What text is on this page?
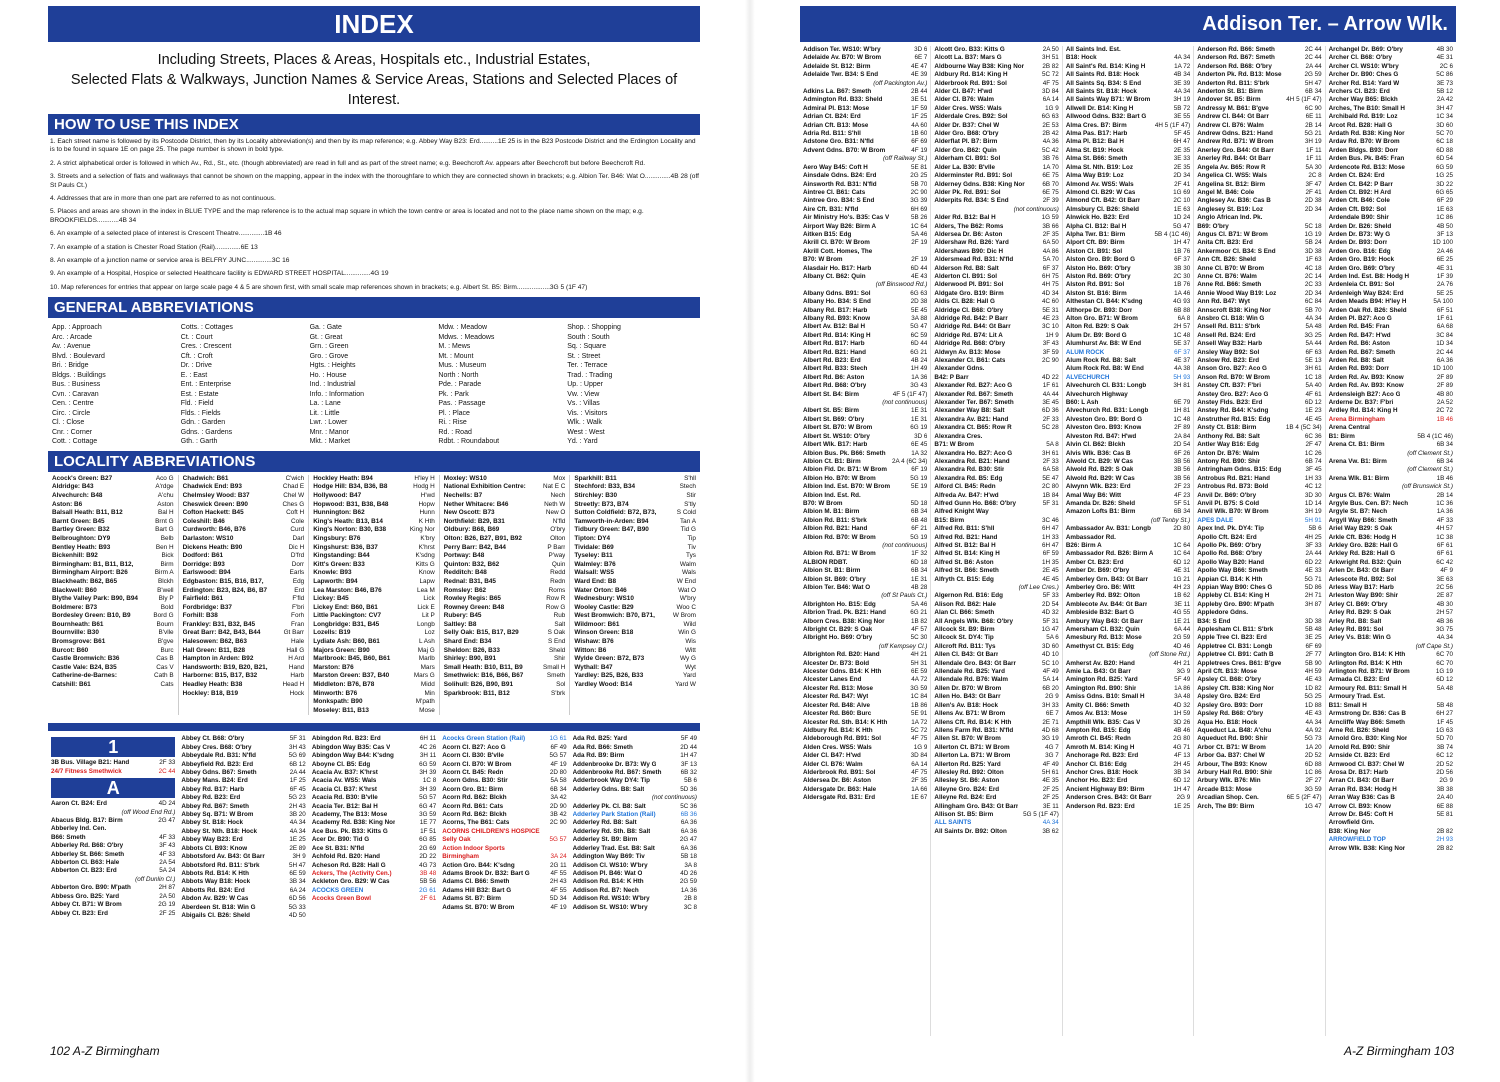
INDEX	Addison Ter. – Arrow Wlk.
Including Streets, Places & Areas, Hospitals etc., Industrial Estates,
Selected Flats & Walkways, Junction Names & Service Areas, Stations and Selected Places of Interest.
HOW TO USE THIS INDEX

1. Each street name is followed by its Postcode District, then by its Locality abbreviation(s) and then by its map reference; e.g. Abbey Way B23: Erd..........1E 25 is in the B23 Postcode District and the Erdington Locality and is to be found in square 1E on page 25. The page number is shown in bold type.

2. A strict alphabetical order is followed in which Av., Rd., St., etc. (though abbreviated) are read in full and as part of the street name; e.g. Beechcroft Av. appears after Beechcroft but before Beechcroft Rd.

3. Streets and a selection of flats and walkways that cannot be shown on the mapping, appear in the index with the thoroughfare to which they are connected shown in brackets; e.g. Albion Ter. B46: Wat O..............4B 28 (off St Pauls Ct.)

4. Addresses that are in more than one part are referred to as not continuous.

5. Places and areas are shown in the index in BLUE TYPE and the map reference is to the actual map square in which the town centre or area is located and not to the place name shown on the map; e.g. BROOKFIELDS............4B 34

6. An example of a selected place of interest is Crescent Theatre..............1B 46

7. An example of a station is Chester Road Station (Rail)..............6E 13

8. An example of a junction name or service area is BELFRY JUNC..............3C 16

9. An example of a Hospital, Hospice or selected Healthcare facility is EDWARD STREET HOSPITAL..............4G 19

10. Map references for entries that appear on large scale page 4 & 5 are shown first, with small scale map references shown in brackets; e.g. Albert St. B5: Birm..................3G 5 (1F 47)

GENERAL ABBREVIATIONS
App. : Approach
Arc. : Arcade
Av. : Avenue
Blvd. : Boulevard
Bri. : Bridge
Bldgs. : Buildings
Bus. : Business
Cvn. : Caravan
Cen. : Centre
Circ. : Circle
Cl. : Close
Cnr. : Corner
Cott. : Cottage
Cotts. : Cottages
Ct. : Court
Cres. : Crescent
Cft. : Croft
Dr. : Drive
E. : East
Ent. : Enterprise
Est. : Estate
Fld. : Field
Flds. : Fields
Gdn. : Garden
Gdns. : Gardens
Gth. : Garth
Ga. : Gate
Gt. : Great
Grn. : Green
Gro. : Grove
Hgts. : Heights
Ho. : House
Ind. : Industrial
Info. : Information
La. : Lane
Lit. : Little
Lwr. : Lower
Mnr. : Manor
Mkt. : Market
Mdw. : Meadow
Mdws. : Meadows
M. : Mews
Mt. : Mount
Mus. : Museum
North : North
Pde. : Parade
Pk. : Park
Pas. : Passage
Pl. : Place
Ri. : Rise
Rd. : Road
Rdbt. : Roundabout
Shop. : Shopping
South : South
Sq. : Square
St. : Street
Ter. : Terrace
Trad. : Trading
Up. : Upper
Vw. : View
Vs. : Villas
Vis. : Visitors
Wlk. : Walk
West : West
Yd. : Yard
LOCALITY ABBREVIATIONS
Acock's Green: B27	Aco G
Aldridge: B43	A'rdge
Alvechurch: B48	A'chu
Aston: B6	Aston
Balsall Heath: B11, B12	Bal H
Barnt Green: B45	Brnt G
Bartley Green: B32	Bart G
Belbroughton: DY9	Belb
Bentley Heath: B93	Ben H
Bickenhill: B92	Bick
Birmingham: B1, B11, B12,	Birm
Birmingham Airport: B26	Birm A
Blackheath: B62, B65	Blckh
Blackwell: B60	B'well
Blythe Valley Park: B90, B94	Bly P
Boldmere: B73	Bold
Bordesley Green: B10, B9	Bord G
Bournheath: B61	Bourn
Bournville: B30	B'vlle
Bromsgrove: B61	B'gve
Burcot: B60	Burc
Castle Bromwich: B36	Cas B
Castle Vale: B24, B35	Cas V
Catherine-de-Barnes:	Cath B
Catshill: B61	Cats
Chadwich: B61	C'wich
Chadwick End: B93	Chad E
Chelmsley Wood: B37	Chel W
Cheswick Green: B90	Ches G
Cofton Hackett: B45	Coft H
Coleshill: B46	Cole
Curdworth: B46, B76	Curd
Darlaston: WS10	Darl
Dickens Heath: B90	Dic H
Dodford: B61	D'frd
Dorridge: B93	Dorr
Earlswood: B94	Earls
Edgbaston: B15, B16, B17,	Edg
Erdington: B23, B24, B6, B7	Erd
Fairfield: B61	F'fld
Fordbridge: B37	F'bri
Forhill: B38	Forh
Frankley: B31, B32, B45	Fran
Great Barr: B42, B43, B44	Gt Barr
Halesowen: B62, B63	Hale
Hall Green: B11, B28	Hall G
Hampton in Arden: B92	H Ard
Handsworth: B19, B20, B21,	Hand
Harborne: B15, B17, B32	Harb
Headley Heath: B38	Head H
Hockley: B18, B19	Hock
Hockley Heath: B94	H'ley H
Hodge Hill: B34, B36, B8	Hodg H
Hollywood: B47	H'wd
Hopwood: B31, B38, B48	Hopw
Hunnington: B62	Hunn
King's Heath: B13, B14	K Hth
King's Norton: B30, B38	King Nor
Kingsbury: B76	K'bry
Kingshurst: B36, B37	K'hrst
Kingstanding: B44	K'sdng
Kitt's Green: B33	Kitts G
Knowle: B93	Know
Lapworth: B94	Lapw
Lea Marston: B46, B76	Lea M
Lickey: B45	Lick
Lickey End: B60, B61	Lick E
Little Packington: CV7	Lit P
Longbridge: B31, B45	Longb
Lozells: B19	Loz
Lydiate Ash: B60, B61	L Ash
Majors Green: B90	Maj G
Marlbrook: B45, B60, B61	Marlb
Marston: B76	Mars
Marston Green: B37, B40	Mars G
Middleton: B76, B78	Midd
Minworth: B76	Min
Monkspath: B90	M'path
Moseley: B11, B13	Mose
Moxley: WS10	Mox
National Exhibition Centre:	Nat E C
Nechells: B7	Nech
Nether Whitacre: B46	Neth W
New Oscott: B73	New O
Northfield: B29, B31	N'fld
Oldbury: B68, B69	O'bry
Olton: B26, B27, B91, B92	Olton
Perry Barr: B42, B44	P Barr
Portway: B48	P'way
Quinton: B32, B62	Quin
Redditch: B48	Redd
Rednal: B31, B45	Redn
Romsley: B62	Roms
Rowley Regis: B65	Row R
Rowney Green: B48	Row G
Rubery: B45	Rub
Saltley: B8	Salt
Selly Oak: B15, B17, B29	S Oak
Shard End: B34	S End
Sheldon: B26, B33	Sheld
Shirley: B90, B91	Shir
Small Heath: B10, B11, B9	Small H
Smethwick: B16, B66, B67	Smeth
Solihull: B26, B90, B91	Sol
Sparkbrook: B11, B12	S'brk
Sparkhill: B11	S'hll
Stechford: B33, B34	Stech
Stirchley: B30	Stir
Streetly: B73, B74	S'tly
Sutton Coldfield: B72, B73,	S Cold
Tamworth-in-Arden: B94	Tan A
Tidbury Green: B47, B90	Tid G
Tipton: DY4	Tip
Tividale: B69	Tiv
Tyseley: B11	Tys
Walmley: B76	Walm
Walsall: WS5	Wals
Ward End: B8	W End
Water Orton: B46	Wat O
Wednesbury: WS10	W'bry
Wooley Castle: B29	Woo C
West Bromwich: B70, B71,	W Brom
Wildmoor: B61	Wild
Winson Green: B18	Win G
Wishaw: B76	Wis
Witton: B6	Witt
Wylde Green: B72, B73	Wy G
Wythall: B47	Wyt
Yardley: B25, B26, B33	Yard
Yardley Wood: B14	Yard W
1
3B Bus. Village B21: Hand	2F 33
24/7 Fitness Smethwick	2C 44
A
Aaron Ct. B24: Erd	4D 24
(off Wood End Rd.)
Abacus Bldg. B17: Birm	2G 47
Abberley Ind. Cen.
B66: Smeth	4F 33
Abberley Rd. B68: O'bry	3F 43
Abberley St. B66: Smeth	4F 33
Abberton Cl. B63: Hale	2A 54
Abberton Ct. B23: Erd	5A 24
(off Dunlin Cl.)
Abberton Gro. B90: M'path	2H 87
Abbess Gro. B25: Yard	2A 50
Abbey Ct. B71: W Brom	2G 19
Abbey Ct. B23: Erd	2F 25
Abbey Ct. B68: O'bry	5F 31
Abbey Cres. B68: O'bry	3H 43
Abbeydale Rd. B31: N'fld	5G 69
Abbeyfield Rd. B23: Erd	6B 12
Abbey Gdns. B67: Smeth	2A 44
Abbey Mans. B24: Erd	1F 25
Abbey Rd. B17: Harb	6F 45
Abbey Rd. B23: Erd	5G 23
Abbey Rd. B67: Smeth	2H 43
Abbey Sq. B71: W Brom	3B 20
Abbey St. B18: Hock	4A 34
Abbey St. Nth. B18: Hock	4A 34
Abbey Way B23: Erd	1E 25
Abbots Cl. B93: Know	2E 89
Abbotsford Av. B43: Gt Barr	3H 9
Abbotsford Rd. B11: S'brk	5H 47
Abbots Rd. B14: K Hth	6E 59
Abbots Way B18: Hock	3B 34
Abbotts Rd. B24: Erd	6A 24
Abdon Av. B29: W Cas	6D 56
Aberdeen St. B18: Win G	5G 33
Abigails Cl. B26: Sheld	4D 50
Abingdon Rd. B23: Erd	6H 11
Abingdon Way B35: Cas V	4C 26
Abingdon Way B44: K'sdng	3H 11
Aboyne Cl. B5: Edg	6G 59
Acacia Av. B37: K'hrst	3H 39
Acacia Av. WS5: Wals	1C 8
Acacia Cl. B37: K'hrst	3H 39
Acacia Rd. B30: B'vlle	5G 57
Acacia Ter. B12: Bal H	6G 47
Academy, The B13: Mose	3G 59
Academy Rd. B38: King Nor	1E 77
Ace Bus. Pk. B33: Kitts G	1F 51
Acer Dr. B90: Tid G	6G 85
Ace St. B31: N'fld	2G 69
Achfold Rd. B20: Hand	2D 22
Acheson Rd. B28: Hall G	4G 73
Ackers, The (Activity Cen.)	3B 48
Ackleton Gro. B29: W Cas	5B 56
ACOCKS GREEN	2G 61
Acocks Green Bowl	2F 61
Acocks Green Station (Rail)	1G 61
Acorn Cl. B27: Aco G	6F 49
Acorn Cl. B30: B'vlle	5G 57
Acorn Cl. B70: W Brom	4F 19
Acorn Ct. B45: Redn	2D 80
Acorn Gdns. B30: Stir	5A 58
Acorn Gro. B1: Birm	6B 34
Acorn Rd. B62: Blckh	3A 42
Acorn Rd. B61: Cats	2D 90
Acorn Rd. B62: Blckh	3B 42
Acorns, The B61: Cats	2C 90
ACORNS CHILDREN'S HOSPICE
Selly Oak	5G 57
Action Indoor Sports
Birmingham	3A 24
Action Gro. B44: K'sdng	2G 11
Adams Brook Dr. B32: Bart G	4F 55
Adams Cl. B66: Smeth	2H 43
Adams Hill B32: Bart G	4F 55
Adams St. B7: Birm	5D 34
Adams St. B70: W Brom	4F 19
Ada Rd. B25: Yard	5F 49
Ada Rd. B66: Smeth	2D 44
Ada Rd. B9: Birm	1H 47
Addenbrooke Dr. B73: Wy G	3F 13
Addenbrooke Rd. B67: Smeth	6B 32
Adderbrook Way DY4: Tip	5B 6
Adderley Gdns. B8: Salt	5D 36
(not continuous)
Adderley Pk. Cl. B8: Salt	5C 36
Adderley Park Station (Rail)	6B 36
Adderley Rd. B8: Salt	6A 36
Adderley Rd. Sth. B8: Salt	6A 36
Adderley St. B9: Birm	2G 47
Adderley Trad. Est. B8: Salt	6A 36
Addington Way B69: Tiv	5B 18
Addison Cl. WS10: W'bry	3A 8
Addison Pl. B46: Wat O	4D 26
Addison Rd. B14: K Hth	2G 59
Addison Rd. B7: Nech	1A 36
Addison Rd. WS10: W'bry	2B 8
Addison St. WS10: W'bry	3C 8
Addison Ter. WS10: W'bry	3D 6
Adelaide Av. B70: W Brom	6E 7
Adelaide St. B12: Birm	4E 47
Adelaide Twr. B34: S End	4E 39
(off Packington Av.)
Adkins La. B67: Smeth	2B 44
Admington Rd. B33: Sheld	3E 51
Admiral Pl. B13: Mose	1F 59
Adrian Ct. B24: Erd	1F 25
Adrian Cft. B13: Mose	4A 60
Adria Rd. B11: S'hll	1B 60
Adstone Gro. B31: N'fld	6F 69
Advent Gdns. B70: W Brom	4F 19
(off Railway St.)
Aero Way B45: Coft H	5E 81
Ainsdale Gdns. B24: Erd	2G 25
Ainsworth Rd. B31: N'fld	5B 70
Aintree Cl. B61: Cats	2C 90
Aintree Gro. B34: S End	3G 39
Aire Cft. B31: N'fld	6H 69
Air Ministry Ho's. B35: Cas V	5B 26
Airport Way B26: Birm A	1C 64
Aitken B15: Edg	5A 46
Akrill Cl. B70: W Brom	2F 19
Akrill Cott. Homes, The
B70: W Brom	2F 19
Alasdair Ho. B17: Harb	6D 44
Albany Ct. B62: Quin	4E 43
(off Binswood Rd.)
Albany Gdns. B91: Sol	6G 63
Albany Ho. B34: S End	2D 38
Albany Rd. B17: Harb	5E 45
Albany Rd. B93: Know	3A 88
Albert Av. B12: Bal H	5G 47
Albert Rd. B14: King H	6C 59
Albert Rd. B17: Harb	6D 44
Albert Rd. B21: Hand	6G 21
Albert Rd. B23: Erd	4B 24
Albert Rd. B33: Stech	1H 49
Albert Rd. B6: Aston	1A 36
Albert Rd. B68: O'bry	3G 43
Albert St. B4: Birm	4F 5 (1F 47)
(not continuous)
Albert St. B5: Birm	1E 31
Albert St. B69: O'bry	1E 31
Albert St. B70: W Brom	6G 19
Albert St. WS10: O'bry	3D 6
Albert Wlk. B17: Harb	6E 45
Albion Bus. Pk. B66: Smeth	1A 32
Albion Ct. B1: Birm	2A 4 (6C 34)
Albion Fld. Dr. B71: W Brom	6F 19
Albion Ho. B70: W Brom	5G 19
Albion Ind. Est. B70: W Brom	5E 19
Albion Ind. Est. Rd.
B70: W Brom	5D 18
Albion M. B1: Birm	6B 34
Albion Rd. B11: S'brk	6B 48
Albion Rd. B21: Hand	6F 21
Albion Rd. B70: W Brom	5G 19
(not continuous)
Albion Rd. B71: W Brom	1F 32
ALBION RDBT.	6D 18
Albion St. B1: Birm	6B 34
Albion St. B69: O'bry	1E 31
Albion Ter. B46: Wat O	4B 28
(off St Pauls Ct.)
Albrighton Ho. B15: Edg	5A 46
Albrion Trad. Pk. B21: Hand	6G 21
Alborn Cres. B38: King Nor	1B 82
Albright Ct. B29: S Oak	4F 57
Albright Ho. B69: O'bry	5C 30
(off Kempsey Cl.)
Albrighton Rd. B20: Hand	4H 21
Alcester Dr. B73: Bold	5H 31
Alcester Gdns. B14: K Hth	6E 59
Alcester Lanes End	4A 72
Alcester Rd. B13: Mose	3G 59
Alcester Rd. B47: Wyt	1C 84
Alcester Rd. B48: Alve	1B 86
Alcester Rd. B60: Burc	5E 91
Alcester Rd. Sth. B14: K Hth	1A 72
Aldbury Rd. B14: K Hth	5C 72
Aldeborough Rd. B91: Sol	4F 75
Alden Cres. WS5: Wals	1G 9
Alder Cl. B47: H'wd	3D 84
Alder Cl. B76: Walm	6A 14
Alderbrook Rd. B91: Sol	4F 75
Aldersea Dr. B6: Aston	2F 35
Aldersgate Dr. B63: Hale	1A 66
Aldersgate Rd. B31: Erd	1E 67
Alcott Gro. B33: Kitts G	2A 50
Alcott La. B37: Mars G	3H 51
Aldbourne Way B38: King Nor	2B 82
Aldbury Rd. B14: King H	5C 72
Alderbrook Rd. B91: Sol	4F 75
Alder Cl. B47: H'wd	3D 84
Alder Cl. B76: Walm	6A 14
Alder Cres. WS5: Wals	1G 9
Alderdale Cres. B92: Sol	6G 63
Alder Dr. B37: Chel W	2E 53
Alder Gro. B68: O'bry	2B 42
Alderflat Pl. B7: Birm	4A 36
Alder Gro. B62: Quin	5C 42
Alderham Cl. B91: Sol	3B 76
Alder La. B30: B'vlle	1A 70
Alderminster Rd. B91: Sol	6E 75
Alderney Gdns. B38: King Nor	6B 70
Alder Pk. Rd. B91: Sol	6E 75
Alderpits Rd. B34: S End	2F 39
(not continuous)
Alder Rd. B12: Bal H	1G 59
Alders, The B62: Roms	3B 66
Aldersea Dr. B6: Aston	2F 35
Aldershaw Rd. B26: Yard	6A 50
Aldershaws B90: Dic H	4A 86
Aldersmead Rd. B31: N'fld	5A 70
Alderson Rd. B8: Salt	6F 37
Alderton Cl. B91: Sol	6H 75
Alderwood Pl. B91: Sol	4H 75
Aldgate Gro. B19: Birm	4D 34
Aldis Cl. B28: Hall G	4C 60
Aldridge Cl. B68: O'bry	5E 31
Aldridge Rd. B42: P Barr	4E 23
Aldridge Rd. B44: Gt Barr	3C 10
Aldridge Rd. B74: Lit A	1H 9
Aldridge Rd. B68: O'bry	3F 43
Aldwyn Av. B13: Mose	3F 59
Alexander Cl. B61: Cats	2C 90
Alexander Gdns.
B42: P Barr	4D 22
Alexander Rd. B27: Aco G	1F 61
Alexander Rd. B67: Smeth	4A 44
Alexander Ter. B67: Smeth	3E 45
Alexander Way B8: Salt	6D 36
Alexandra Av. B21: Hand	2F 33
Alexandra Ct. B65: Row R	5C 28
Alexandra Cres.
B71: W Brom	5A 8
Alexandra Ho. B27: Aco G	3H 61
Alexandra Rd. B21: Hand	2F 33
Alexandra Rd. B30: Stir	6A 58
Alexandra Rd. B5: Edg	5E 47
Alford Cl. B45: Redn	2C 80
Alfreda Av. B47: H'wd	1B 84
Alfred Gunn Ho. B68: O'bry	5F 31
Alfred Knight Way
B15: Birm	3C 46
Alfred Rd. B11: S'hll	6H 47
Alfred Rd. B21: Hand	1H 33
Alfred St. B12: Bal H	6H 47
Alfred St. B14: King H	6F 59
Alfred St. B6: Aston	1H 35
Alfred St. B66: Smeth	2E 45
Alfryth Ct. B15: Edg	4E 45
(off Lee Cres.)
Algernon Rd. B16: Edg	5F 33
Alison Rd. B62: Hale	2D 54
Alan Cl. B66: Smeth	4D 32
All Angels Wlk. B68: O'bry	5F 31
Allcock St. B9: Birm	1G 47
Allcock St. DY4: Tip	5A 6
Allcroft Rd. B11: Tys	3D 60
Allen Cl. B43: Gt Barr	4D 10
Allendale Gro. B43: Gt Barr	5C 10
Allendale Rd. B25: Yard	4F 49
Allendale Rd. B76: Walm	5A 14
Allen Dr. B70: W Brom	6B 20
Allen Ho. B43: Gt Barr	2G 9
Allen's Av. B18: Hock	3H 33
Allens Av. B71: W Brom	6E 7
Allens Cft. Rd. B14: K Hth	2E 71
Allens Farm Rd. B31: N'fld	4D 68
Allen St. B70: W Brom	3G 19
Allerton Ct. B71: W Brom	4G 7
Allerton La. B71: W Brom	3G 7
Allerton Rd. B25: Yard	4F 49
Allesley Rd. B92: Olton	5H 61
Allesley St. B6: Aston	4E 35
Alleyne Gro. B24: Erd	2F 25
Alleyne Rd. B24: Erd	2F 25
Allingham Gro. B43: Gt Barr	3E 11
Allison St. B5: Birm	5G 5 (1F 47)
ALL SAINTS	4A 34
All Saints Dr. B92: Olton	3B 62
All Saints Ind. Est.
B18: Hock	4A 34
All Saint's Rd. B14: King H	1A 72
All Saints Rd. B18: Hock	4B 34
All Saints Sq. B34: S End	3E 39
All Saints St. B18: Hock	4A 34
All Saints Way B71: W Brom	3H 19
Allwell Dr. B14: King H	5B 72
Allwood Gdns. B32: Bart G	3E 55
Alma Cres. B7: Birm	4H 5 (1F 47)
Alma Pas. B17: Harb	5F 45
Alma Pl. B12: Bal H	6H 47
Alma St. B19: Hock	2E 35
Alma St. B66: Smeth	3E 33
Alma St. Nth. B19: Loz	2E 35
Alma Way B19: Loz	2D 34
Almond Av. WS5: Wals	2F 41
Almond Cl. B29: W Cas	1G 69
Almond Cft. B42: Gt Barr	2C 10
Almsbury Cl. B26: Sheld	1E 63
Alnwick Ho. B23: Erd	1D 24
Alpha Cl. B12: Bal H	5G 47
Alpha Twr. B1: Birm	5B 4 (1C 46)
Alport Cft. B9: Birm	1H 47
Alston Cl. B91: Sol	1B 76
Alston Gro. B9: Bord G	6F 37
Alston Ho. B69: O'bry	3B 30
Alston Rd. B69: O'bry	2C 30
Alston Rd. B91: Sol	1B 76
Alston St. B16: Birm	1A 46
Althestan Cl. B44: K'sdng	4G 93
Althorpe Dr. B93: Dorr	6B 88
Alton Gro. B71: W Brom	6A 8
Alton Rd. B29: S Oak	2H 57
Alum Dr. B9: Bord G	1C 48
Alumhurst Av. B8: W End	5E 37
ALUM ROCK	6F 37
Alum Rock Rd. B8: Salt	4E 37
Alum Rock Rd. B8: W End	4A 38
ALVECHURCH	5H 93
Alvechurch Cl. B31: Longb	3H 81
Alvechurch Highway
B60: L Ash	6E 79
Alvechurch Rd. B31: Longb	1H 81
Alveston Gro. B9: Bord G	1C 48
Alveston Gro. B93: Know	2F 89
Alveston Rd. B47: H'wd	2A 84
Alvin Cl. B62: Blckh	2D 54
Alvis Wlk. B36: Cas B	6F 26
Alwold Ct. B29: W Cas	3B 56
Alwold Rd. B29: S Oak	3B 56
Alwold Rd. B29: W Cas	3B 56
Alwynn Wlk. B23: Erd	2F 23
Amal Way B6: Witt	4F 23
Amanda Dr. B26: Sheld	5F 51
Amazon Lofts B1: Birm	6B 34
(off Tenby St.)
Ambassador Av. B31: Longb	2D 80
Ambassador Rd.
B26: Birm A	1C 64
Ambassador Rd. B26: Birm A	1C 64
Amber Ct. B23: Erd	6D 12
Amber Dr. B69: O'bry	4E 31
Amberley Grn. B43: Gt Barr	1G 21
Amberley Gro. B6: Witt	4H 23
Amberley Rd. B92: Olton	1B 62
Amblecote Av. B44: Gt Barr	3E 11
Ambleside B32: Bart G	4G 55
Ambury Way B43: Gt Barr	1E 21
Amersham Cl. B32: Quin	6A 44
Amesbury Rd. B13: Mose	2G 59
Amethyst Ct. B15: Edg	4D 46
(off Stone Rd.)
Amherst Av. B20: Hand	4H 21
Amie La. B43: Gt Barr	3G 9
Amington Rd. B25: Yard	5F 49
Amington Rd. B90: Shir	1A 86
Amiss Gdns. B10: Small H	3A 48
Amity Cl. B66: Smeth	4D 32
Amos Av. B13: Mose	1H 59
Ampthill Wlk. B35: Cas V	3D 26
Ampton Rd. B15: Edg	4B 46
Amroth Cl. B45: Redn	2G 80
Amroth M. B14: King H	4G 71
Anchorage Rd. B23: Erd	4F 13
Anchor Cl. B16: Edg	2H 45
Anchor Cres. B18: Hock	3B 34
Anchor Ho. B23: Erd	6D 12
Ancient Highway B9: Birm	1H 47
Anderson Cres. B43: Gt Barr	2G 9
Anderson Rd. B23: Erd	1E 25
Anderson Rd. B66: Smeth	2C 44
Anderson Rd. B67: Smeth	2C 44
Anderson Rd. B68: O'bry	2A 44
Anderton Pk. Rd. B13: Mose	2G 59
Anderton Rd. B11: S'brk	5H 47
Anderton St. B1: Birm	6B 34
Andover St. B5: Birm	4H 5 (1F 47)
Andressy M. B61: B'gve	6C 90
Andrew Cl. B44: Gt Barr	6E 11
Andrew Cl. B76: Walm	2B 14
Andrew Gdns. B21: Hand	5G 21
Andrew Rd. B71: W Brom	3H 19
Anerley Gro. B44: Gt Barr	1F 11
Anerley Rd. B44: Gt Barr	1F 11
Angela Av. B65: Row R	5A 30
Angelica Cl. WS5: Wals	2C 8
Angelina St. B12: Birm	3F 47
Angel M. B46: Cole	2F 41
Anglesey Av. B36: Cas B	2D 38
Anglesey St. B19: Loz	2D 34
Anglo African Ind. Pk.
B69: O'bry	5C 18
Angus Cl. B71: W Brom	1G 19
Anita Cft. B23: Erd	5B 24
Ankermoor Cl. B34: S End	3D 38
Ann Cft. B26: Sheld	1F 63
Anne Cl. B70: W Brom	4C 18
Anne Ct. B76: Walm	2C 14
Anne Rd. B66: Smeth	2C 33
Annie Wood Way B19: Loz	2D 34
Ann Rd. B47: Wyt	6C 84
Annscroft B38: King Nor	5B 70
Ansbro Cl. B18: Win G	4A 34
Ansell Rd. B11: S'brk	5A 48
Ansell Rd. B24: Erd	3G 25
Ansell Way B32: Harb	5A 44
Ansley Way B92: Sol	6F 63
Anslow Rd. B23: Erd	5E 13
Anson Gro. B27: Aco G	3H 61
Anson Rd. B70: W Brom	1C 18
Anstey Cft. B37: F'bri	5A 40
Anstey Gro. B27: Aco G	4F 61
Anstey Flds. B23: Erd	6D 12
Anstey Rd. B44: K'sdng	1E 23
Anstruther Rd. B15: Edg	4E 45
Ansty Ct. B18: Birm	1B 4 (5C 34)
Anthony Rd. B8: Salt	6C 36
Antler Way B16: Edg	2F 47
Anton Dr. B76: Walm	1C 26
Antony Rd. B90: Shir	6B 74
Antringham Gdns. B15: Edg	3F 45
Antrobus Rd. B21: Hand	1H 33
Antrobus Rd. B73: Bold	4C 12
Anvil Dr. B69: O'bry	3D 30
Anvil Pl. B75: S Cold	1D 14
Anvil Wlk. B70: W Brom	3H 19
APES DALE	5H 91
Apex Ind. Pk. DY4: Tip	5B 6
Apollo Cft. B24: Erd	4H 25
Apollo Pk. B69: O'bry	3F 33
Apollo Rd. B68: O'bry	2A 44
Apollo Way B20: Hand	6D 22
Apollo Way B66: Smeth	4E 33
Appian Cl. B14: K Hth	5G 71
Appian Way B90: Ches G	5D 86
Appleby Cl. B14: King H	2H 71
Appleby Gro. B90: M'path	3H 87
Appledore Gdns.
B34: S End	3D 38
Applesham Cl. B11: S'brk	5B 48
Apple Tree Cl. B23: Erd	3E 25
Appletree Cl. B31: Longb	6F 69
Appletree Cl. B91: Cath B	2F 77
Appletrees Cres. B61: B'gve	5B 90
April Cft. B13: Mose	4H 59
Apsley Cl. B68: O'bry	4E 43
Apsley Cft. B38: King Nor	1D 82
Apsley Gro. B24: Erd	5G 25
Apsley Gro. B93: Dorr	1D 88
Apsley Rd. B68: O'bry	4E 43
Aqua Ho. B18: Hock	4A 34
Aqueduct La. B48: A'chu	4A 92
Aqueduct Rd. B90: Shir	5G 73
Arbor Ct. B71: W Brom	1A 20
Arbor Ga. B37: Chel W	2D 52
Arbour, The B93: Know	6D 88
Arbury Hall Rd. B90: Shir	1C 86
Arbury Wlk. B76: Min	2F 27
Arcade B13: Mose	3G 59
Arcadian Shop. Cen.	6E 5 (2F 47)
Arch, The B9: Birm	1G 47
Archangel Dr. B69: O'bry	4B 30
Archer Cl. B68: O'bry	4E 31
Archer Cl. WS10: W'bry	2C 6
Archer Dr. B90: Ches G	5C 86
Archer Rd. B14: Yard W	3E 73
Archers Cl. B23: Erd	5B 12
Archer Way B65: Blckh	2A 42
Arches, The B10: Small H	3H 47
Archibald Rd. B19: Loz	1C 34
Arcot Rd. B28: Hall G	3D 60
Ardath Rd. B38: King Nor	5C 70
Ardav Rd. B70: W Brom	6C 18
Arden Bldgs. B93: Dorr	6D 88
Arden Bus. Pk. B45: Fran	6D 54
Ardencote Rd. B13: Mose	6G 59
Arden Ct. B24: Erd	1G 25
Arden Ct. B42: P Barr	3D 22
Arden Ct. B92: H Ard	6G 65
Arden Cft. B46: Cole	6F 29
Arden Cft. B92: Sol	1E 63
Ardendale B90: Shir	1C 86
Arden Dr. B26: Sheld	4B 50
Arden Dr. B73: Wy G	3F 13
Arden Dr. B93: Dorr	1D 100
Arden Gro. B16: Edg	2A 46
Arden Gro. B19: Hock	6E 25
Arden Gro. B69: O'bry	4E 31
Arden Ind. Est. B8: Hodg H	1F 39
Ardenleia Ct. B91: Sol	2A 76
Ardenleigh Way B24: Erd	5E 25
Arden Meads B94: H'ley H	5A 100
Arden Oak Rd. B26: Sheld	6F 51
Arden Pl. B27: Aco G	1F 61
Arden Rd. B45: Fran	6A 68
Arden Rd. B47: H'wd	3C 84
Arden Rd. B6: Aston	1D 34
Arden Rd. B67: Smeth	2C 44
Arden Rd. B8: Salt	6A 36
Arden Rd. B93: Dorr	1D 100
Arden Rd. Av. B93: Know	2F 89
Arden Rd. Av. B93: Know	2F 89
Ardensleigh B27: Aco G	4B 80
Arderne Dr. B37: F'bri	2A 52
Ardley Rd. B14: King H	2C 72
Arena Birmingham	1B 46
Arena Central
B1: Birm	5B 4 (1C 46)
Arena Ct. B1: Birm	6B 34
(off Clement St.)
Arena Vw. B1: Birm	6B 34
(off Clement St.)
Arena Wlk. B1: Birm	1B 46
(off Brunswick St.)
Argus Cl. B76: Walm	2B 14
Argyle Bus. Cen. B7: Nech	1C 36
Argyle St. B7: Nech	1A 36
Argyll Way B66: Smeth	4F 33
Ariel Way B29: S Oak	4H 57
Arkle Cft. B36: Hodg H	1C 38
Arkley Gro. B28: Hall G	6F 61
Arkley Rd. B28: Hall G	6F 61
Arkwright Rd. B32: Quin	6C 42
Arlen Dr. B43: Gt Barr	4F 9
Arlescote Rd. B92: Sol	3E 63
Arless Way B17: Harb	2C 56
Arleston Way B90: Shir	2E 87
Arley Cl. B69: O'bry	4B 30
Arley Rd. B29: S Oak	2H 57
Arley Rd. B8: Salt	4B 36
Arley Rd. B91: Sol	3G 75
Arley Vs. B18: Win G	4A 34
(off Cape St.)
Arlington Gro. B14: K Hth	6C 70
Arlington Rd. B14: K Hth	6C 70
Arlington Rd. B71: W Brom	1G 19
Armada Cl. B23: Erd	6D 12
Armoury Rd. B11: Small H	5A 48
Armoury Trad. Est.
B11: Small H	5B 48
Armstrong Dr. B36: Cas B	6H 27
Arncliffe Way B66: Smeth	1F 45
Arne Rd. B26: Sheld	1G 63
Arnold Gro. B30: King Nor	5D 70
Arnold Rd. B90: Shir	3B 74
Arnside Ct. B23: Erd	6C 12
Arnwood Cl. B37: Chel W	2D 52
Arosa Dr. B17: Harb	2D 56
Arran Cl. B43: Gt Barr	2G 9
Arran Rd. B34: Hodg H	3B 38
Arran Way B36: Cas B	2A 40
Arrow Cl. B93: Know	6E 88
Arrow Dr. B45: Coft H	5E 81
Arrowfield Grn.
B38: King Nor	2B 82
ARROWFIELD TOP	2H 93
Arrow Wlk. B38: King Nor	2B 82
102 A-Z Birmingham	A-Z Birmingham 103
